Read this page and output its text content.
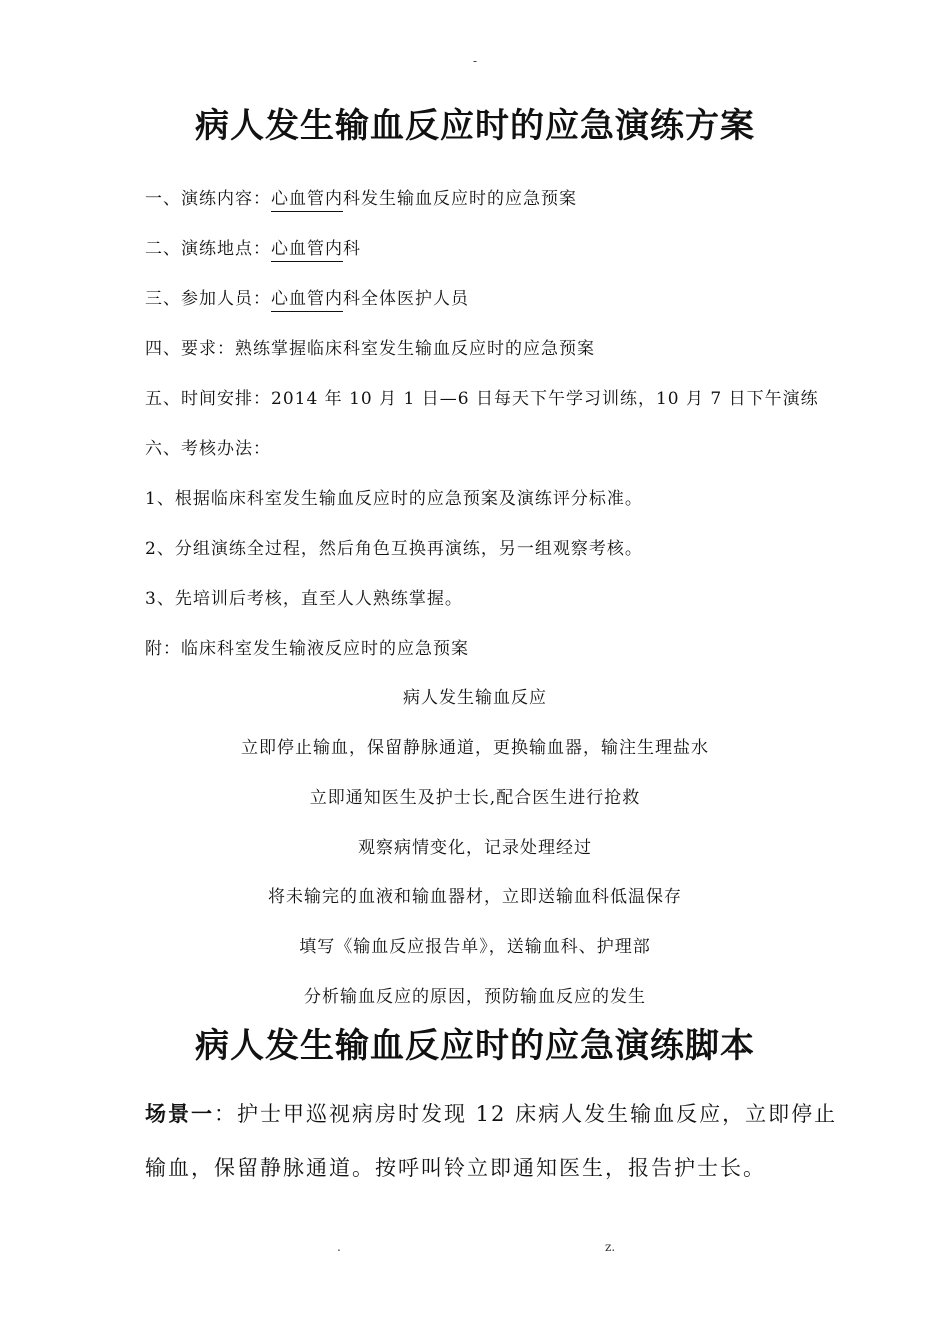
-
病人发生输血反应时的应急演练方案
一、演练内容：心血管内科发生输血反应时的应急预案
二、演练地点：心血管内科
三、参加人员：心血管内科全体医护人员
四、要求：熟练掌握临床科室发生输血反应时的应急预案
五、时间安排：2014 年 10 月 1 日—6 日每天下午学习训练，10 月 7 日下午演练
六、考核办法：
1、根据临床科室发生输血反应时的应急预案及演练评分标准。
2、分组演练全过程，然后角色互换再演练，另一组观察考核。
3、先培训后考核，直至人人熟练掌握。
附：临床科室发生输液反应时的应急预案
病人发生输血反应
立即停止输血，保留静脉通道，更换输血器，输注生理盐水
立即通知医生及护士长,配合医生进行抢救
观察病情变化，记录处理经过
将未输完的血液和输血器材，立即送输血科低温保存
填写《输血反应报告单》，送输血科、护理部
分析输血反应的原因，预防输血反应的发生
病人发生输血反应时的应急演练脚本
场景一：护士甲巡视病房时发现 12 床病人发生输血反应，立即停止
输血，保留静脉通道。按呼叫铃立即通知医生，报告护士长。
.	z.
